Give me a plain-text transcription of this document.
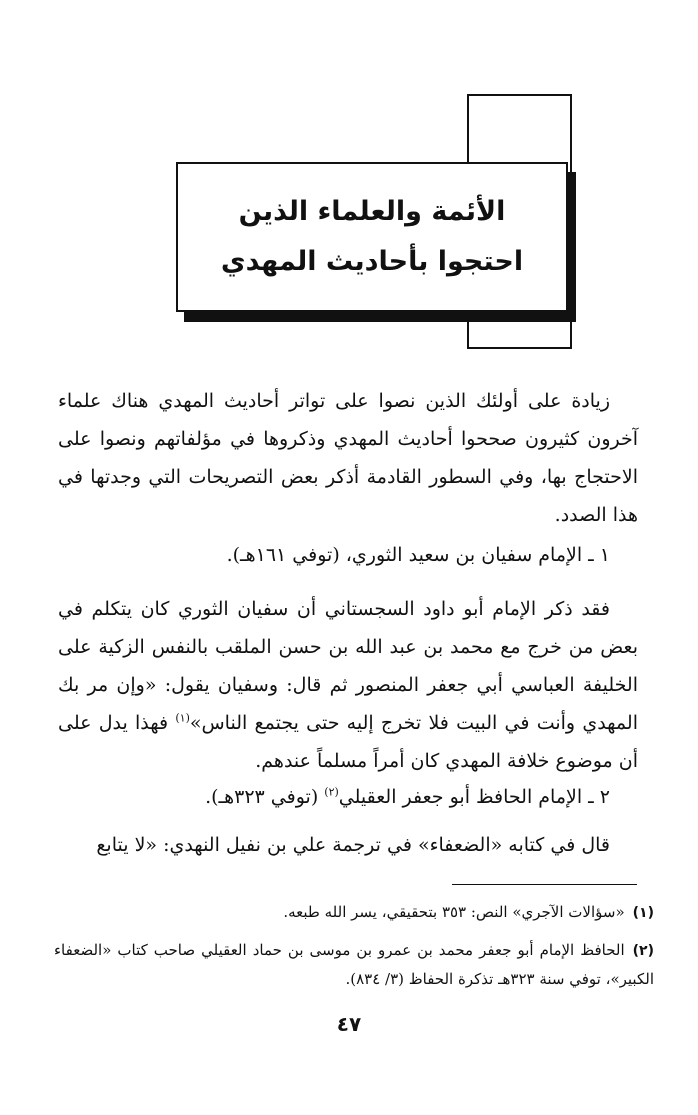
الأئمة والعلماء الذين
احتجوا بأحاديث المهدي
زيادة على أولئك الذين نصوا على تواتر أحاديث المهدي هناك علماء آخرون كثيرون صححوا أحاديث المهدي وذكروها في مؤلفاتهم ونصوا على الاحتجاج بها، وفي السطور القادمة أذكر بعض التصريحات التي وجدتها في هذا الصدد.
١ ـ الإمام سفيان بن سعيد الثوري، (توفي ١٦١هـ).
فقد ذكر الإمام أبو داود السجستاني أن سفيان الثوري كان يتكلم في بعض من خرج مع محمد بن عبد الله بن حسن الملقب بالنفس الزكية على الخليفة العباسي أبي جعفر المنصور ثم قال: وسفيان يقول: «وإن مر بك المهدي وأنت في البيت فلا تخرج إليه حتى يجتمع الناس»$^{(١)}$ فهذا يدل على أن موضوع خلافة المهدي كان أمراً مسلماً عندهم.
٢ ـ الإمام الحافظ أبو جعفر العقيلي$^{(٢)}$ (توفي ٣٢٣هـ).
قال في كتابه «الضعفاء» في ترجمة علي بن نفيل النهدي: «لا يتابع
(١)«سؤالات الآجري» النص: ٣٥٣ بتحقيقي، يسر الله طبعه.
(٢)الحافظ الإمام أبو جعفر محمد بن عمرو بن موسى بن حماد العقيلي صاحب كتاب «الضعفاء الكبير»، توفي سنة ٣٢٣هـ تذكرة الحفاظ (٣/ ٨٣٤).
٤٧
